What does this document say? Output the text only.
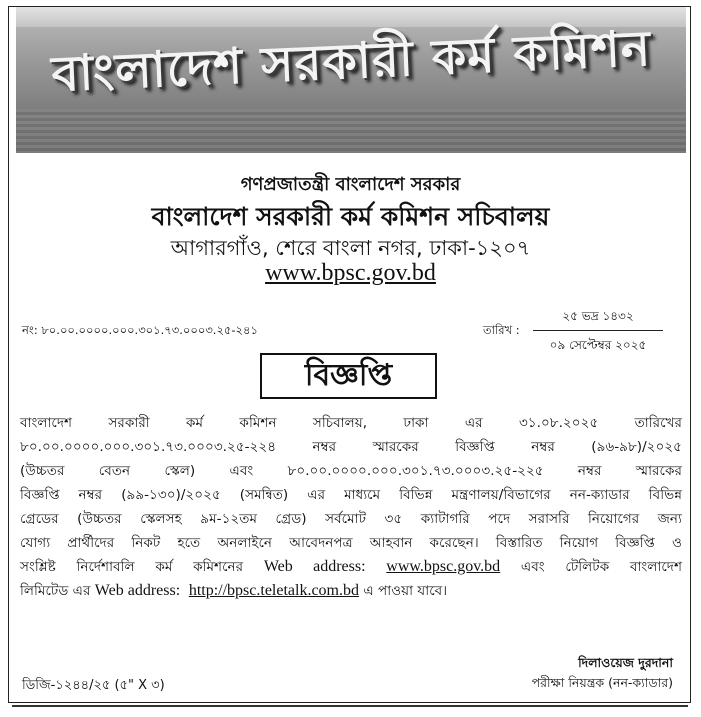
বাংলাদেশ সরকারী কর্ম কমিশন
গণপ্রজাতন্ত্রী বাংলাদেশ সরকার
বাংলাদেশ সরকারী কর্ম কমিশন সচিবালয়
আগারগাঁও, শেরে বাংলা নগর, ঢাকা-১২০৭
www.bpsc.gov.bd
নং: ৮০.০০.০০০০.০০০.৩০১.৭৩.০০০৩.২৫-২৪১	তারিখ :
২৫ ভদ্র ১৪৩২
০৯ সেপ্টেম্বর ২০২৫
বিজ্ঞপ্তি
বাংলাদেশ সরকারী কর্ম কমিশন সচিবালয়, ঢাকা এর ৩১.০৮.২০২৫ তারিখের
৮০.০০.০০০০.০০০.৩০১.৭৩.০০০৩.২৫-২২৪ নম্বর স্মারকের বিজ্ঞপ্তি নম্বর (৯৬-৯৮)/২০২৫
(উচ্চতর বেতন স্কেল) এবং ৮০.০০.০০০০.০০০.৩০১.৭৩.০০০৩.২৫-২২৫ নম্বর স্মারকের
বিজ্ঞপ্তি নম্বর (৯৯-১৩০)/২০২৫ (সমন্বিত) এর মাধ্যমে বিভিন্ন মন্ত্রণালয়/বিভাগের নন-ক্যাডার বিভিন্ন
গ্রেডের (উচ্চতর স্কেলসহ ৯ম-১২তম গ্রেড) সর্বমোট ৩৫ ক্যাটাগরি পদে সরাসরি নিয়োগের জন্য
যোগ্য প্রার্থীদের নিকট হতে অনলাইনে আবেদনপত্র আহবান করেছেন। বিস্তারিত নিয়োগ বিজ্ঞপ্তি ও
সংশ্লিষ্ট নির্দেশাবলি কর্ম কমিশনের Web address: www.bpsc.gov.bd এবং টেলিটক বাংলাদেশ
লিমিটেড এর Web address: http://bpsc.teletalk.com.bd এ পাওয়া যাবে।
ডিজি-১২৪৪/২৫ (৫" X ৩)
দিলাওয়েজ দুরদানা
পরীক্ষা নিয়ন্ত্রক (নন-ক্যাডার)
